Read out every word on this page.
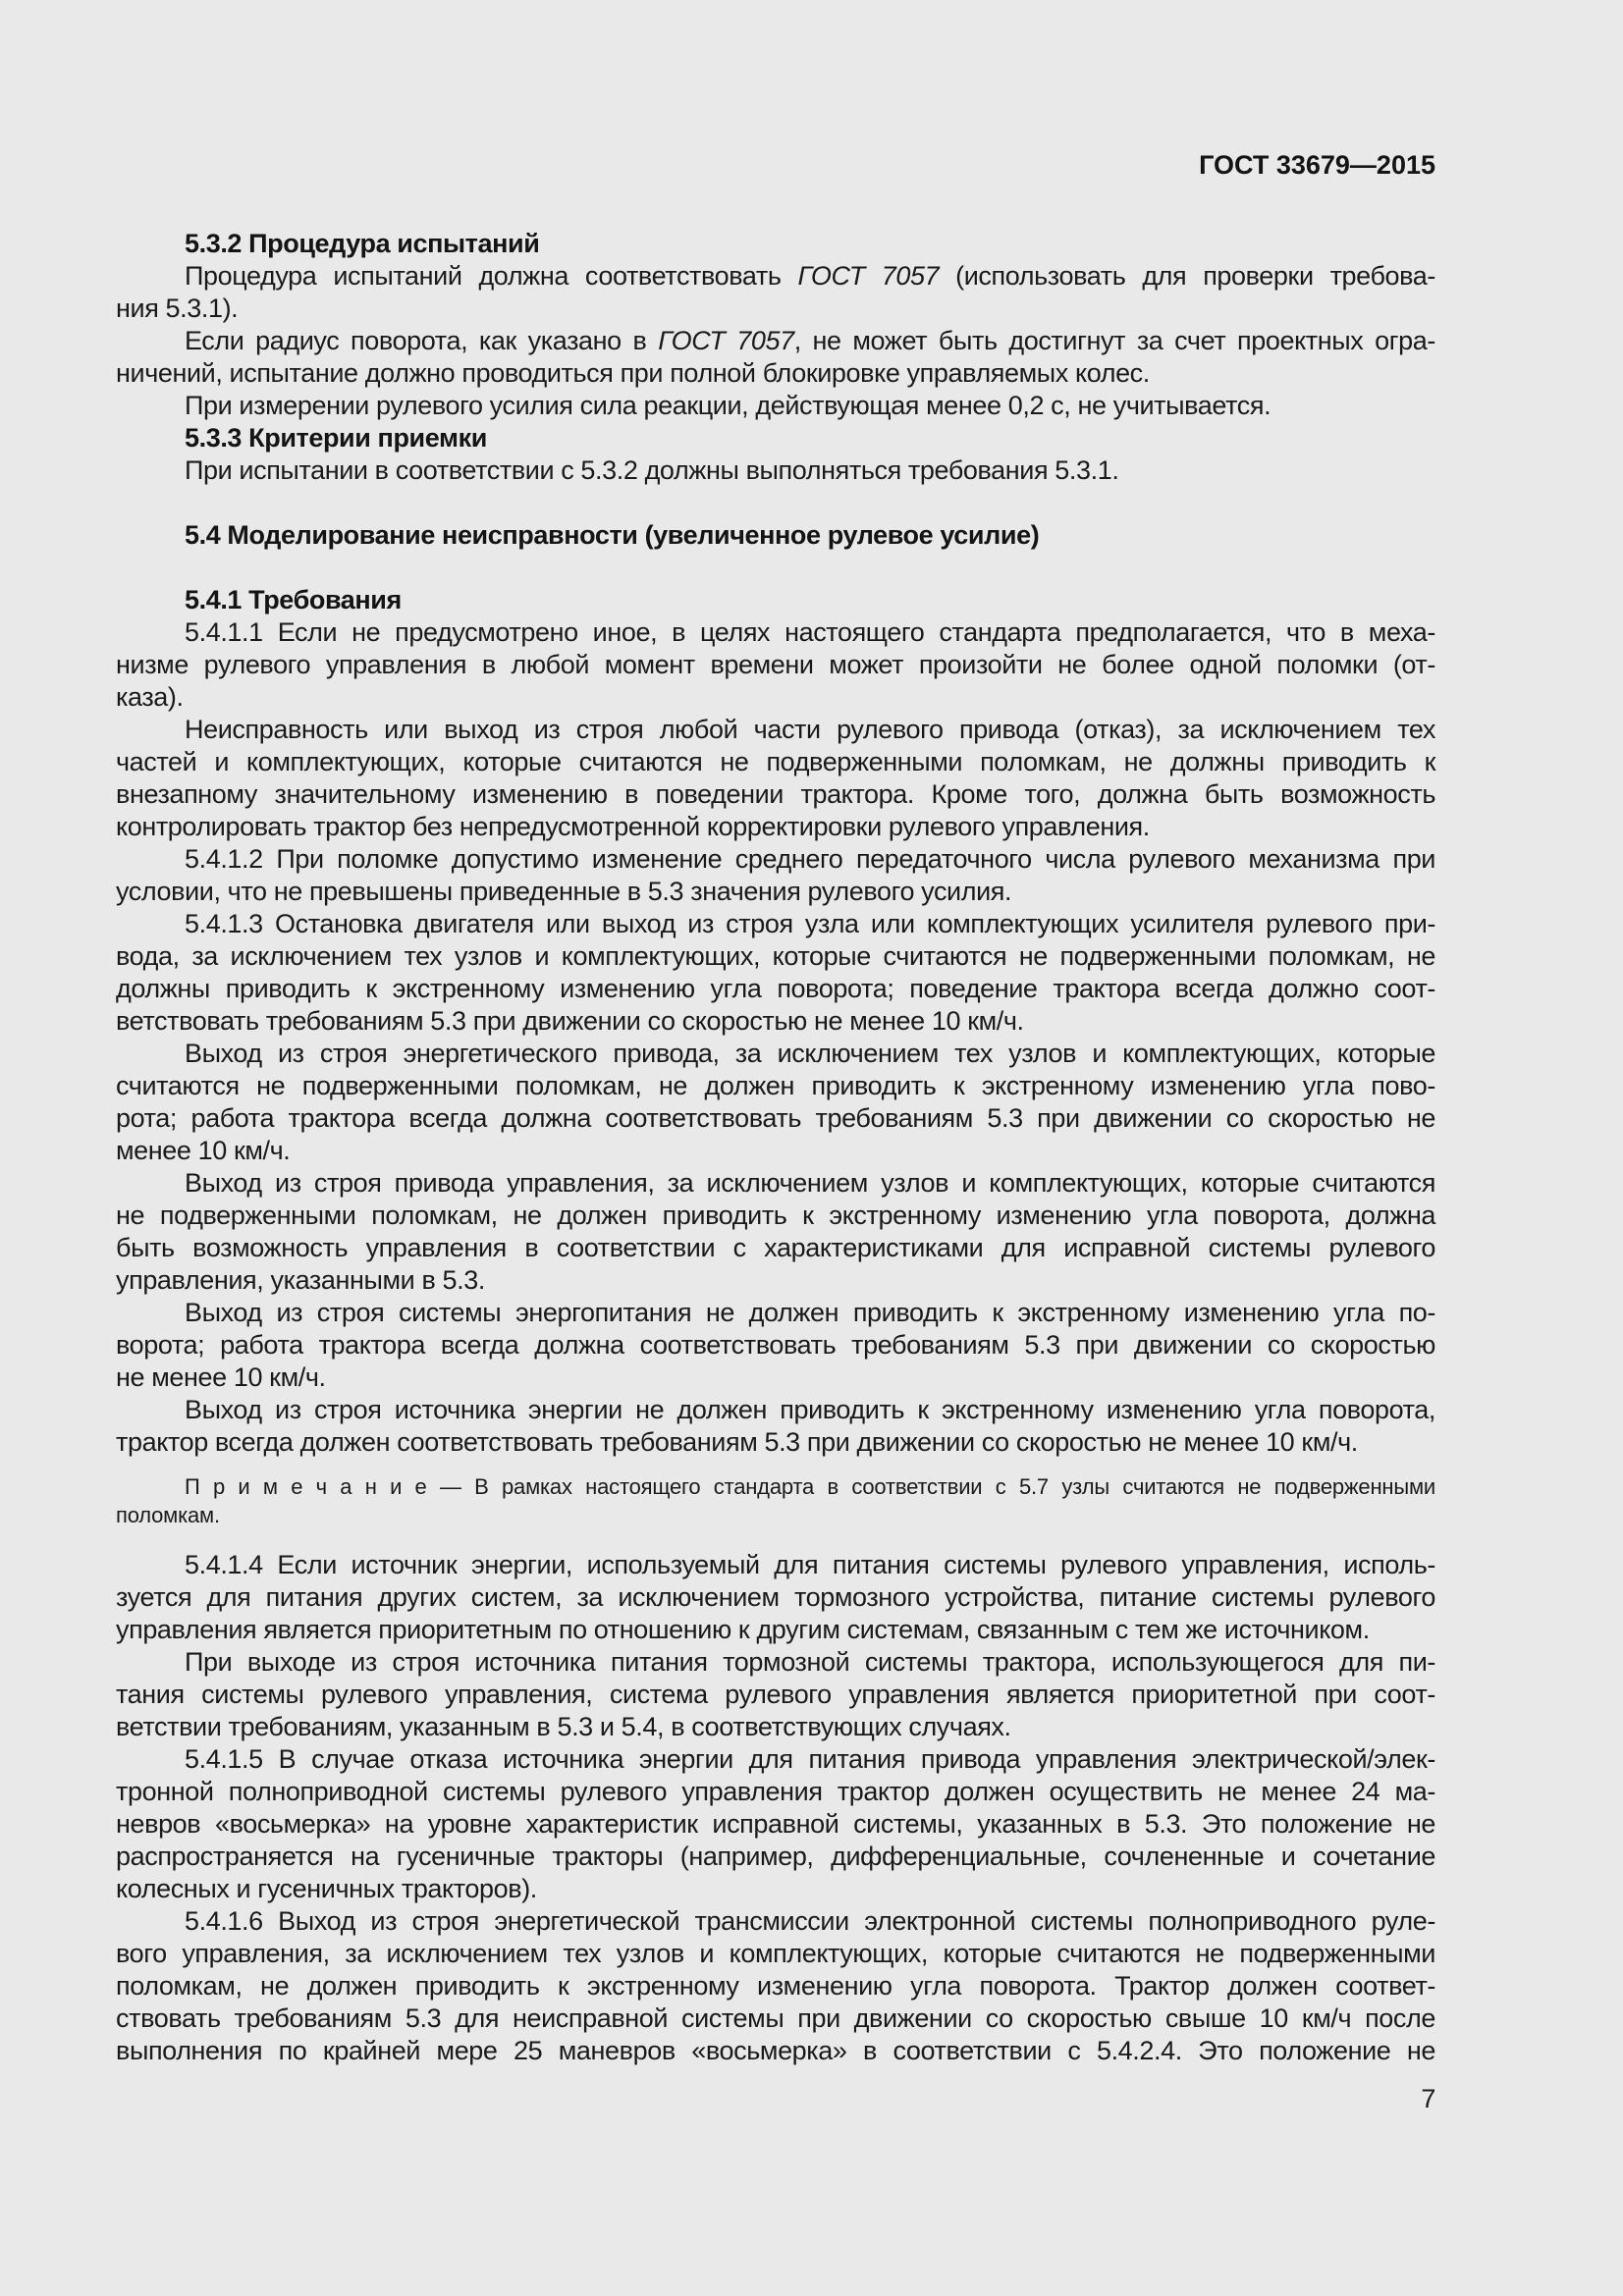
ГОСТ 33679—2015
5.3.2 Процедура испытаний
Процедура испытаний должна соответствовать ГОСТ 7057 (использовать для проверки требова-
ния 5.3.1).
Если радиус поворота, как указано в ГОСТ 7057, не может быть достигнут за счет проектных огра-
ничений, испытание должно проводиться при полной блокировке управляемых колес.
При измерении рулевого усилия сила реакции, действующая менее 0,2 с, не учитывается.
5.3.3 Критерии приемки
При испытании в соответствии с 5.3.2 должны выполняться требования 5.3.1.
5.4 Моделирование неисправности (увеличенное рулевое усилие)
5.4.1 Требования
5.4.1.1 Если не предусмотрено иное, в целях настоящего стандарта предполагается, что в меха-
низме рулевого управления в любой момент времени может произойти не более одной поломки (от-
каза).
Неисправность или выход из строя любой части рулевого привода (отказ), за исключением тех
частей и комплектующих, которые считаются не подверженными поломкам, не должны приводить к
внезапному значительному изменению в поведении трактора. Кроме того, должна быть возможность
контролировать трактор без непредусмотренной корректировки рулевого управления.
5.4.1.2 При поломке допустимо изменение среднего передаточного числа рулевого механизма при
условии, что не превышены приведенные в 5.3 значения рулевого усилия.
5.4.1.3 Остановка двигателя или выход из строя узла или комплектующих усилителя рулевого при-
вода, за исключением тех узлов и комплектующих, которые считаются не подверженными поломкам, не
должны приводить к экстренному изменению угла поворота; поведение трактора всегда должно соот-
ветствовать требованиям 5.3 при движении со скоростью не менее 10 км/ч.
Выход из строя энергетического привода, за исключением тех узлов и комплектующих, которые
считаются не подверженными поломкам, не должен приводить к экстренному изменению угла пово-
рота; работа трактора всегда должна соответствовать требованиям 5.3 при движении со скоростью не
менее 10 км/ч.
Выход из строя привода управления, за исключением узлов и комплектующих, которые считаются
не подверженными поломкам, не должен приводить к экстренному изменению угла поворота, должна
быть возможность управления в соответствии с характеристиками для исправной системы рулевого
управления, указанными в 5.3.
Выход из строя системы энергопитания не должен приводить к экстренному изменению угла по-
ворота; работа трактора всегда должна соответствовать требованиям 5.3 при движении со скоростью
не менее 10 км/ч.
Выход из строя источника энергии не должен приводить к экстренному изменению угла поворота,
трактор всегда должен соответствовать требованиям 5.3 при движении со скоростью не менее 10 км/ч.
П р и м е ч а н и е — В рамках настоящего стандарта в соответствии с 5.7 узлы считаются не подверженными
поломкам.
5.4.1.4 Если источник энергии, используемый для питания системы рулевого управления, исполь-
зуется для питания других систем, за исключением тормозного устройства, питание системы рулевого
управления является приоритетным по отношению к другим системам, связанным с тем же источником.
При выходе из строя источника питания тормозной системы трактора, использующегося для пи-
тания системы рулевого управления, система рулевого управления является приоритетной при соот-
ветствии требованиям, указанным в 5.3 и 5.4, в соответствующих случаях.
5.4.1.5 В случае отказа источника энергии для питания привода управления электрической/элек-
тронной полноприводной системы рулевого управления трактор должен осуществить не менее 24 ма-
невров «восьмерка» на уровне характеристик исправной системы, указанных в 5.3. Это положение не
распространяется на гусеничные тракторы (например, дифференциальные, сочлененные и сочетание
колесных и гусеничных тракторов).
5.4.1.6 Выход из строя энергетической трансмиссии электронной системы полноприводного руле-
вого управления, за исключением тех узлов и комплектующих, которые считаются не подверженными
поломкам, не должен приводить к экстренному изменению угла поворота. Трактор должен соответ-
ствовать требованиям 5.3 для неисправной системы при движении со скоростью свыше 10 км/ч после
выполнения по крайней мере 25 маневров «восьмерка» в соответствии с 5.4.2.4. Это положение не
7
